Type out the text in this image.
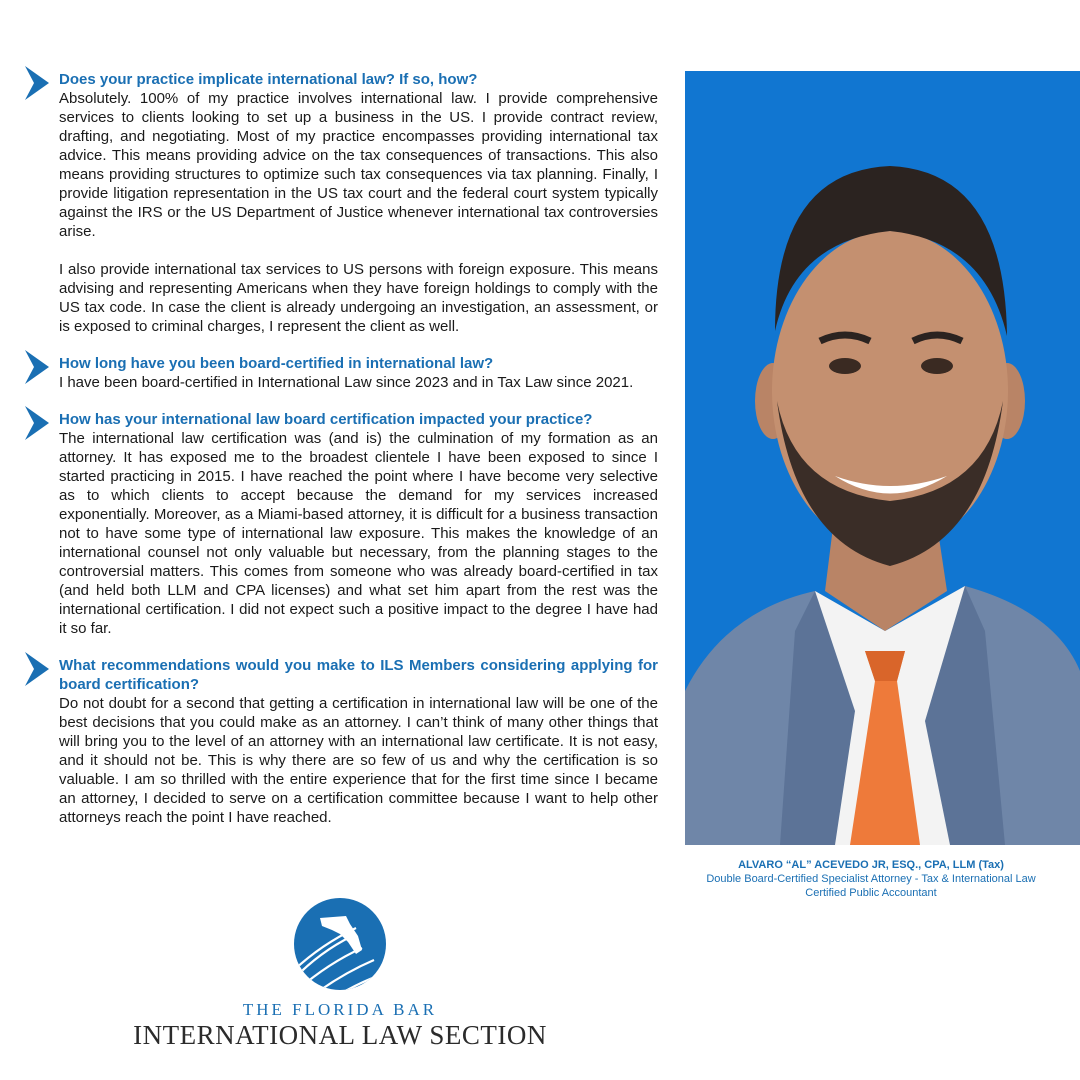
Does your practice implicate international law? If so, how?

Absolutely. 100% of my practice involves international law. I provide comprehensive services to clients looking to set up a business in the US. I provide contract review, drafting, and negotiating. Most of my practice encompasses providing international tax advice. This means providing advice on the tax consequences of transactions. This also means providing structures to optimize such tax consequences via tax planning. Finally, I provide litigation representation in the US tax court and the federal court system typically against the IRS or the US Department of Justice whenever international tax controversies arise.

I also provide international tax services to US persons with foreign exposure. This means advising and representing Americans when they have foreign holdings to comply with the US tax code. In case the client is already undergoing an investigation, an assessment, or is exposed to criminal charges, I represent the client as well.

How long have you been board-certified in international law?

I have been board-certified in International Law since 2023 and in Tax Law since 2021.

How has your international law board certification impacted your practice?

The international law certification was (and is) the culmination of my formation as an attorney. It has exposed me to the broadest clientele I have been exposed to since I started practicing in 2015. I have reached the point where I have become very selective as to which clients to accept because the demand for my services increased exponentially. Moreover, as a Miami-based attorney, it is difficult for a business transaction not to have some type of international law exposure. This makes the knowledge of an international counsel not only valuable but necessary, from the planning stages to the controversial matters. This comes from someone who was already board-certified in tax (and held both LLM and CPA licenses) and what set him apart from the rest was the international certification. I did not expect such a positive impact to the degree I have had it so far.

What recommendations would you make to ILS Members considering applying for board certification?

Do not doubt for a second that getting a certification in international law will be one of the best decisions that you could make as an attorney. I can’t think of many other things that will bring you to the level of an attorney with an international law certificate. It is not easy, and it should not be. This is why there are so few of us and why the certification is so valuable. I am so thrilled with the entire experience that for the first time since I became an attorney, I decided to serve on a certification committee because I want to help other attorneys reach the point I have reached.

ALVARO “AL” ACEVEDO JR, ESQ., CPA, LLM (Tax)
Double Board-Certified Specialist Attorney - Tax & International Law
Certified Public Accountant
THE FLORIDA BAR
INTERNATIONAL LAW SECTION
